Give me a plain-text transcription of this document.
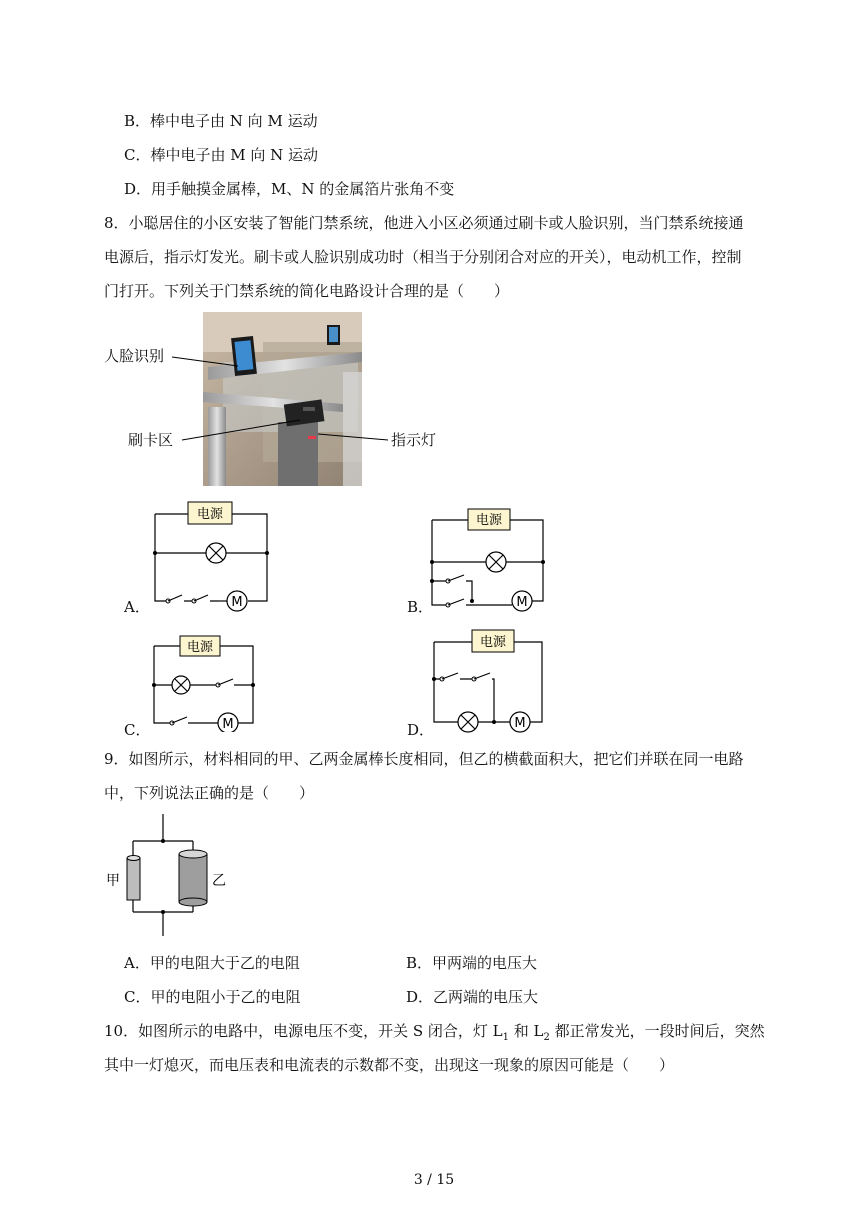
B．棒中电子由 N 向 M 运动
C．棒中电子由 M 向 N 运动
D．用手触摸金属棒，M、N 的金属箔片张角不变
8．小聪居住的小区安装了智能门禁系统，他进入小区必须通过刷卡或人脸识别，当门禁系统接通
电源后，指示灯发光。刷卡或人脸识别成功时（相当于分别闭合对应的开关），电动机工作，控制
门打开。下列关于门禁系统的简化电路设计合理的是（　　）
人脸识别
刷卡区	指示灯
A．
电源
M	B．
电源
M
C．
电源
M	D．
电源
M
9．如图所示，材料相同的甲、乙两金属棒长度相同，但乙的横截面积大，把它们并联在同一电路
中，下列说法正确的是（　　）
甲	乙
A．甲的电阻大于乙的电阻	B．甲两端的电压大
C．甲的电阻小于乙的电阻	D．乙两端的电压大
10．如图所示的电路中，电源电压不变，开关 S 闭合，灯 $L_1$ 和 $L_2$ 都正常发光，一段时间后，突然
其中一灯熄灭，而电压表和电流表的示数都不变，出现这一现象的原因可能是（　　）
3 / 15
